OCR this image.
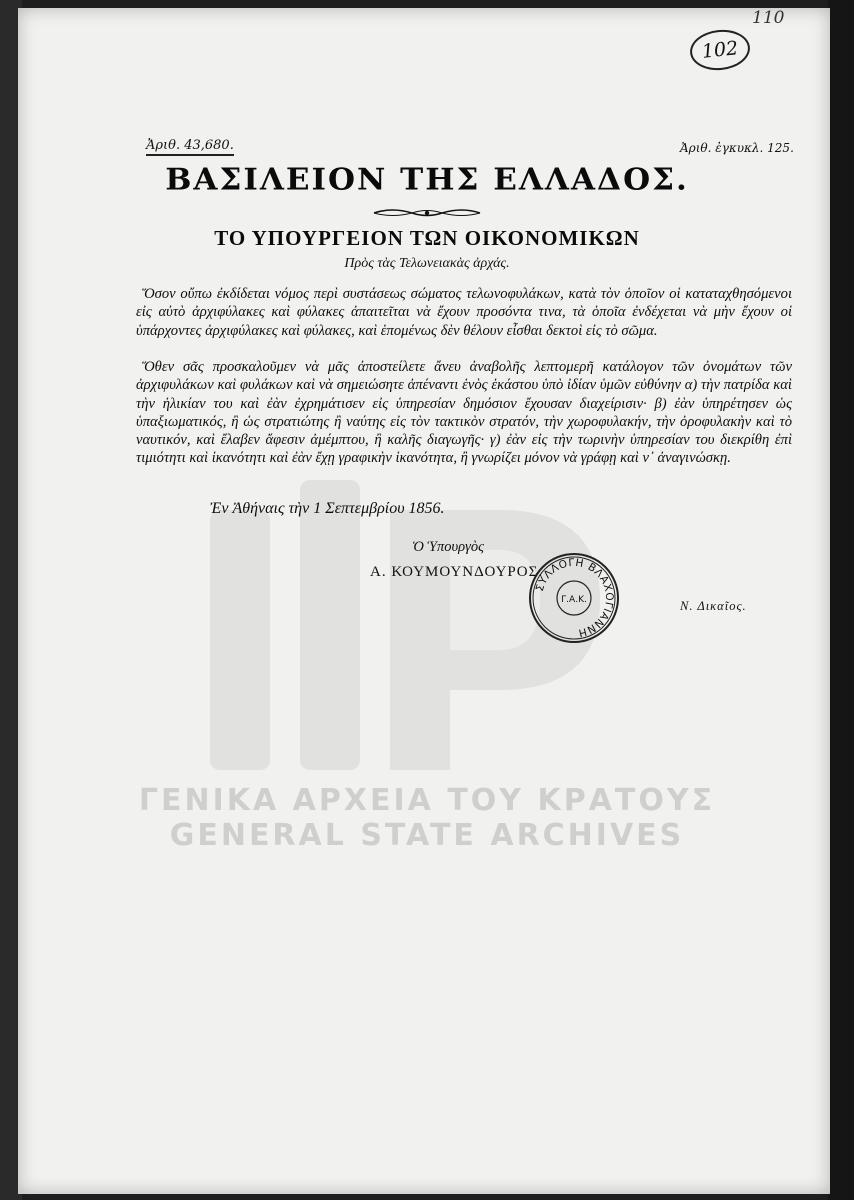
ΓΕΝΙΚΑ ΑΡΧΕΙΑ ΤΟΥ ΚΡΑΤΟΥΣ
GENERAL STATE ARCHIVES
110
102
Ἀριθ. 43,680.	Ἀριθ. ἐγκυκλ. 125.
ΒΑΣΙΛΕΙΟΝ ΤΗΣ ΕΛΛΑΔΟΣ.
ΤΟ ΥΠΟΥΡΓΕΙΟΝ ΤΩΝ ΟΙΚΟΝΟΜΙΚΩΝ
Πρὸς τὰς Τελωνειακὰς ἀρχάς.
Ὅσον οὔπω ἐκδίδεται νόμος περὶ συστάσεως σώματος τελωνοφυλάκων, κατὰ τὸν ὁποῖον οἱ καταταχθησόμενοι εἰς αὐτὸ ἀρχιφύλακες καὶ φύλακες ἀπαιτεῖται νὰ ἔχουν προσόντα τινα, τὰ ὁποῖα ἐνδέχεται νὰ μὴν ἔχουν οἱ ὑπάρχοντες ἀρχιφύλακες καὶ φύλακες, καὶ ἑπομένως δὲν θέλουν εἶσθαι δεκτοὶ εἰς τὸ σῶμα.
Ὅθεν σᾶς προσκαλοῦμεν νὰ μᾶς ἀποστείλετε ἄνευ ἀναβολῆς λεπτομερῆ κατάλογον τῶν ὀνομάτων τῶν ἀρχιφυλάκων καὶ φυλάκων καὶ νὰ σημειώσητε ἀπέναντι ἑνὸς ἑκάστου ὑπὸ ἰδίαν ὑμῶν εὐθύνην α) τὴν πατρίδα καὶ τὴν ἡλικίαν του καὶ ἐὰν ἐχρημάτισεν εἰς ὑπηρεσίαν δημόσιον ἔχουσαν διαχείρισιν· β) ἐὰν ὑπηρέτησεν ὡς ὑπαξιωματικός, ἢ ὡς στρατιώτης ἢ ναύτης εἰς τὸν τακτικὸν στρατόν, τὴν χωροφυλακήν, τὴν ὀροφυλακὴν καὶ τὸ ναυτικόν, καὶ ἔλαβεν ἄφεσιν ἀμέμπτου, ἢ καλῆς διαγωγῆς· γ) ἐὰν εἰς τὴν τωρινὴν ὑπηρεσίαν του διεκρίθη ἐπὶ τιμιότητι καὶ ἱκανότητι καὶ ἐὰν ἔχῃ γραφικὴν ἱκανότητα, ἢ γνωρίζει μόνον νὰ γράφῃ καὶ ν᾽ ἀναγινώσκῃ.
Ἐν Ἀθήναις τὴν 1 Σεπτεμβρίου 1856.
Ὁ Ὑπουργὸς
Α. ΚΟΥΜΟΥΝΔΟΥΡΟΣ.
Ν. Δικαῖος.
ΣΥΛΛΟΓΗ ΒΛΑΧΟΓΙΑΝΝΗ
Γ.Α.Κ.
